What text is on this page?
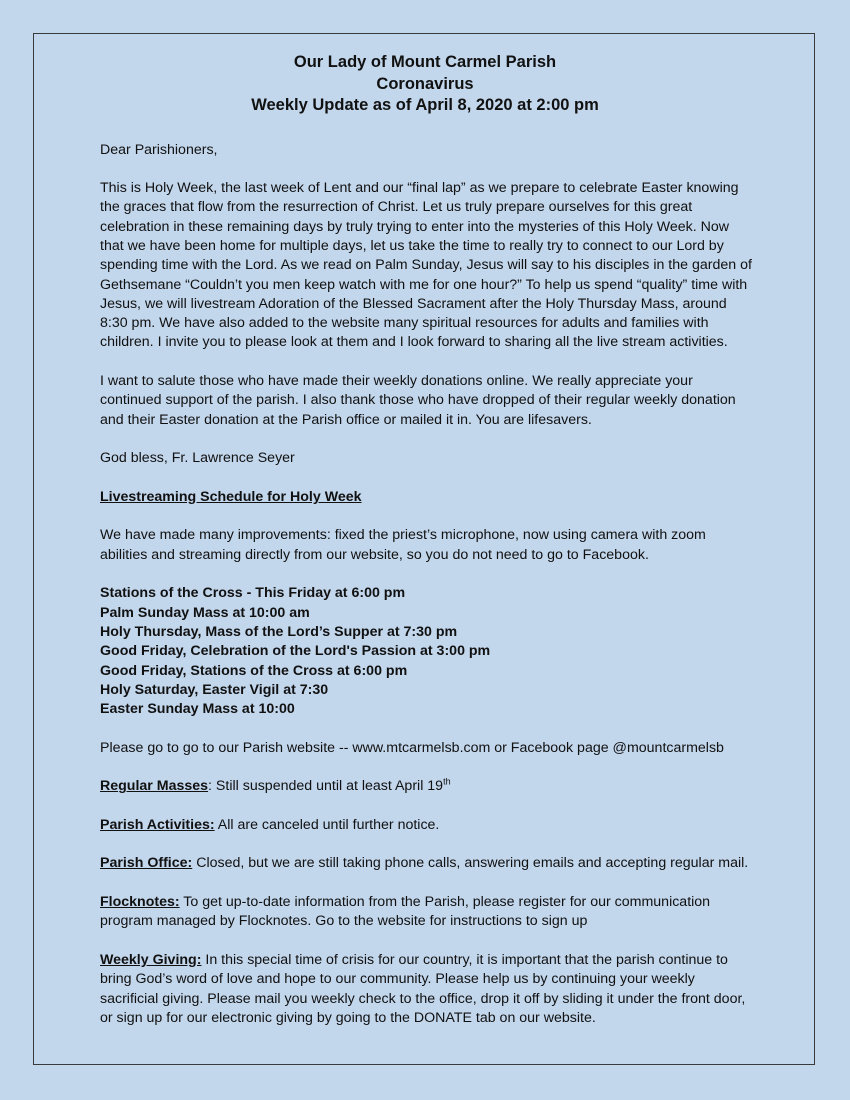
Our Lady of Mount Carmel Parish
Coronavirus
Weekly Update as of April 8, 2020 at 2:00 pm

Dear Parishioners,

This is Holy Week, the last week of Lent and our “final lap” as we prepare to celebrate Easter knowing the graces that flow from the resurrection of Christ. Let us truly prepare ourselves for this great celebration in these remaining days by truly trying to enter into the mysteries of this Holy Week. Now that we have been home for multiple days, let us take the time to really try to connect to our Lord by spending time with the Lord. As we read on Palm Sunday, Jesus will say to his disciples in the garden of Gethsemane “Couldn’t you men keep watch with me for one hour?” To help us spend “quality” time with Jesus, we will livestream Adoration of the Blessed Sacrament after the Holy Thursday Mass, around 8:30 pm. We have also added to the website many spiritual resources for adults and families with children. I invite you to please look at them and I look forward to sharing all the live stream activities.

I want to salute those who have made their weekly donations online. We really appreciate your continued support of the parish. I also thank those who have dropped of their regular weekly donation and their Easter donation at the Parish office or mailed it in. You are lifesavers.

God bless, Fr. Lawrence Seyer

Livestreaming Schedule for Holy Week

We have made many improvements: fixed the priest’s microphone, now using camera with zoom abilities and streaming directly from our website, so you do not need to go to Facebook.

Stations of the Cross - This Friday at 6:00 pm

Palm Sunday Mass at 10:00 am

Holy Thursday, Mass of the Lord’s Supper at 7:30 pm

Good Friday, Celebration of the Lord's Passion at 3:00 pm

Good Friday, Stations of the Cross at 6:00 pm

Holy Saturday, Easter Vigil at 7:30

Easter Sunday Mass at 10:00

Please go to go to our Parish website -- www.mtcarmelsb.com or Facebook page @mountcarmelsb

Regular Masses: Still suspended until at least April 19th

Parish Activities: All are canceled until further notice.

Parish Office: Closed, but we are still taking phone calls, answering emails and accepting regular mail.

Flocknotes: To get up-to-date information from the Parish, please register for our communication program managed by Flocknotes. Go to the website for instructions to sign up

Weekly Giving: In this special time of crisis for our country, it is important that the parish continue to bring God’s word of love and hope to our community. Please help us by continuing your weekly sacrificial giving. Please mail you weekly check to the office, drop it off by sliding it under the front door, or sign up for our electronic giving by going to the DONATE tab on our website.
